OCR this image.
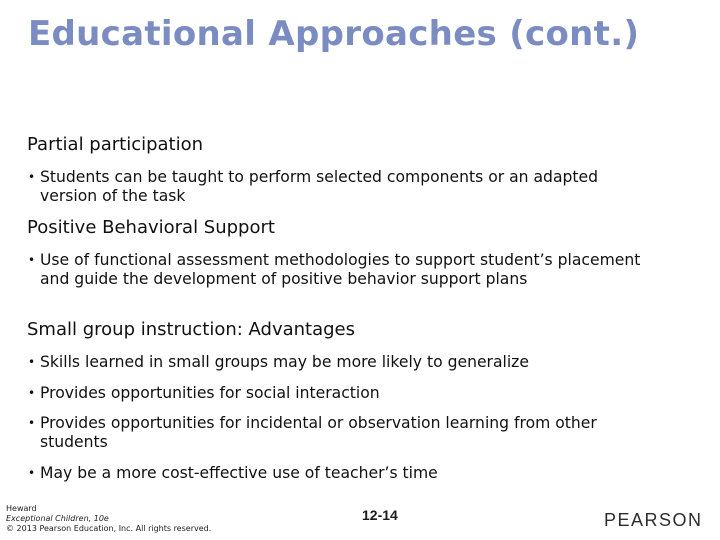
Educational Approaches (cont.)
Partial participation
• Students can be taught to perform selected components or an adapted version of the task
Positive Behavioral Support
• Use of functional assessment methodologies to support student’s placement and guide the development of positive behavior support plans
Small group instruction: Advantages
• Skills learned in small groups may be more likely to generalize
• Provides opportunities for social interaction
• Provides opportunities for incidental or observation learning from other students
• May be a more cost-effective use of teacher’s time
Heward
Exceptional Children, 10e
© 2013 Pearson Education, Inc. All rights reserved.
12-14	PEARSON
